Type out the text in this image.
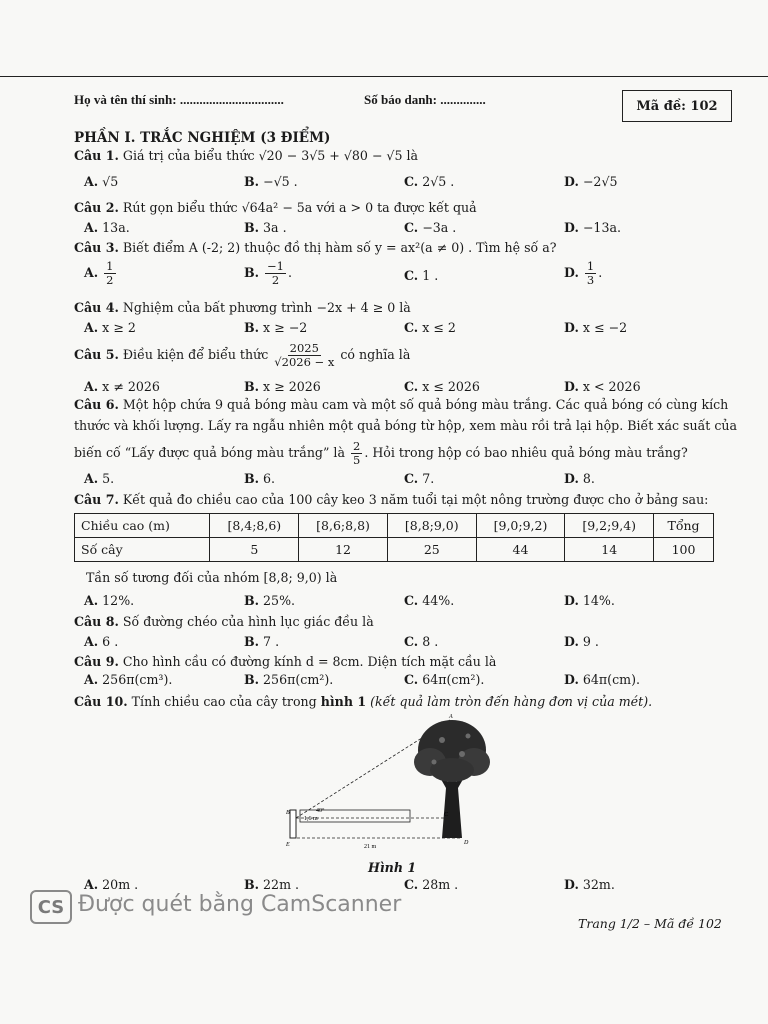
Họ và tên thí sinh: ................................	Số báo danh: ..............	Mã đề: 102
PHẦN I. TRẮC NGHIỆM (3 ĐIỂM)
Câu 1. Giá trị của biểu thức √20 − 3√5 + √80 − √5 là
A. √5	B. −√5 .	C. 2√5 .	D. −2√5
Câu 2. Rút gọn biểu thức √64a² − 5a với a > 0 ta được kết quả
A. 13a.	B. 3a .	C. −3a .	D. −13a.
Câu 3. Biết điểm A (-2; 2) thuộc đồ thị hàm số y = ax²(a ≠ 0) . Tìm hệ số a?
A. $\frac{1}{2}$	B. $\frac{-1}{2}$ .	C. 1 .	D. $\frac{1}{3}$ .
Câu 4. Nghiệm của bất phương trình −2x + 4 ≥ 0 là
A. x ≥ 2	B. x ≥ −2	C. x ≤ 2	D. x ≤ −2
Câu 5. Điều kiện để biểu thức $\frac{2025}{√2026 - x}$ có nghĩa là
A. x ≠ 2026	B. x ≥ 2026	C. x ≤ 2026	D. x < 2026
Câu 6. Một hộp chứa 9 quả bóng màu cam và một số quả bóng màu trắng. Các quả bóng có cùng kích
thước và khối lượng. Lấy ra ngẫu nhiên một quả bóng từ hộp, xem màu rồi trả lại hộp. Biết xác suất của
biến cố “Lấy được quả bóng màu trắng” là $\frac{2}{5}$ . Hỏi trong hộp có bao nhiêu quả bóng màu trắng?
A. 5.	B. 6.	C. 7.	D. 8.
Câu 7. Kết quả đo chiều cao của 100 cây keo 3 năm tuổi tại một nông trường được cho ở bảng sau:
Chiều cao (m)	[8,4;8,6)	[8,6;8,8)	[8,8;9,0)	[9,0;9,2)	[9,2;9,4)	Tổng
Số cây	5	12	25	44	14	100
Tần số tương đối của nhóm [8,8; 9,0) là
A. 12%.	B. 25%.	C. 44%.	D. 14%.
Câu 8. Số đường chéo của hình lục giác đều là
A. 6 .	B. 7 .	C. 8 .	D. 9 .
Câu 9. Cho hình cầu có đường kính d = 8cm. Diện tích mặt cầu là
A. 256π(cm³).	B. 256π(cm²).	C. 64π(cm²).	D. 64π(cm).
Câu 10. Tính chiều cao của cây trong hình 1 (kết quả làm tròn đến hàng đơn vị của mét).
A
B	C
D
E
40°
1,6 m
21 m
Hình 1
A. 20m .	B. 22m .	C. 28m .	D. 32m.
CS Được quét bằng CamScanner
Trang 1/2 – Mã đề 102
